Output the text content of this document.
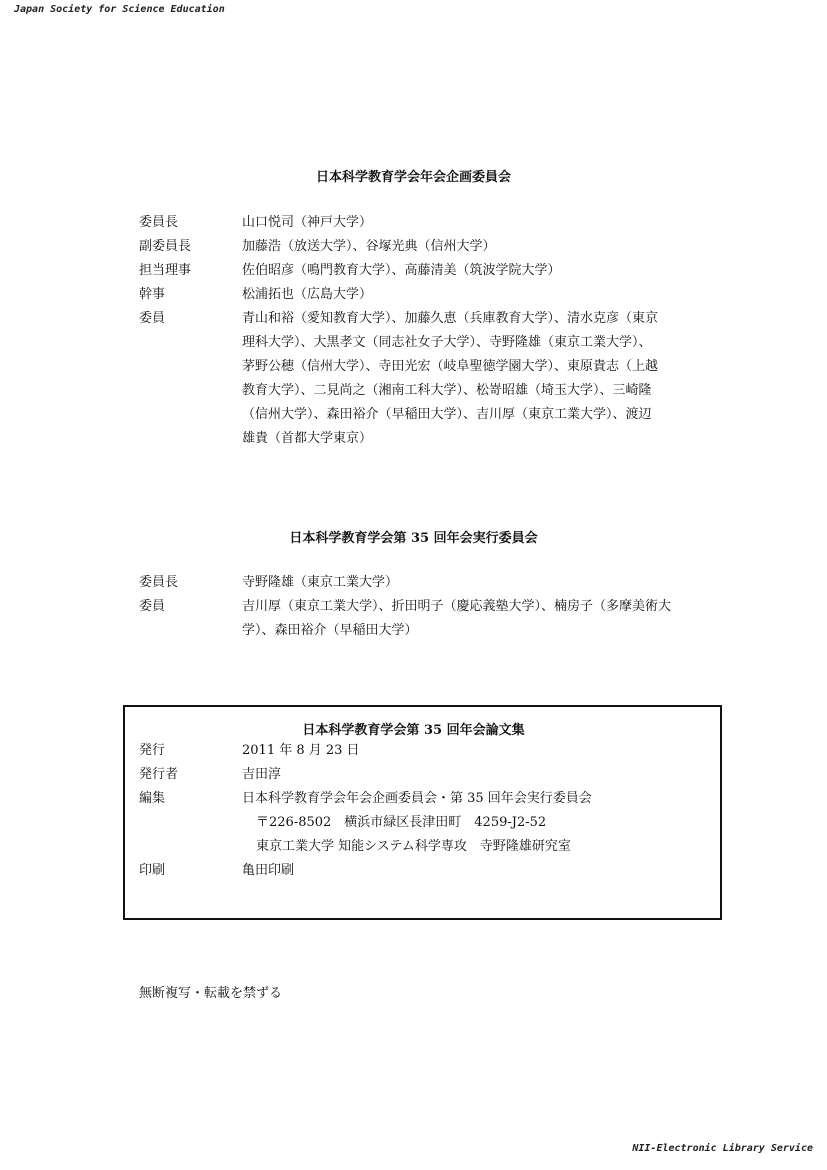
Japan Society for Science Education
日本科学教育学会年会企画委員会
委員長	山口悦司（神戸大学）
副委員長	加藤浩（放送大学）、谷塚光典（信州大学）
担当理事	佐伯昭彦（鳴門教育大学）、高藤清美（筑波学院大学）
幹事	松浦拓也（広島大学）
委員	青山和裕（愛知教育大学）、加藤久恵（兵庫教育大学）、清水克彦（東京
理科大学）、大黒孝文（同志社女子大学）、寺野隆雄（東京工業大学）、
茅野公穂（信州大学）、寺田光宏（岐阜聖徳学園大学）、東原貴志（上越
教育大学）、二見尚之（湘南工科大学）、松嵜昭雄（埼玉大学）、三崎隆
（信州大学）、森田裕介（早稲田大学）、吉川厚（東京工業大学）、渡辺
雄貴（首都大学東京）
日本科学教育学会第 35 回年会実行委員会
委員長	寺野隆雄（東京工業大学）
委員	吉川厚（東京工業大学）、折田明子（慶応義塾大学）、楠房子（多摩美術大
学）、森田裕介（早稲田大学）
日本科学教育学会第 35 回年会論文集
発行	2011 年 8 月 23 日
発行者	吉田淳
編集	日本科学教育学会年会企画委員会・第 35 回年会実行委員会
〒226-8502　横浜市緑区長津田町　4259-J2-52
東京工業大学 知能システム科学専攻　寺野隆雄研究室
印刷	亀田印刷
無断複写・転載を禁ずる
NII-Electronic Library Service
